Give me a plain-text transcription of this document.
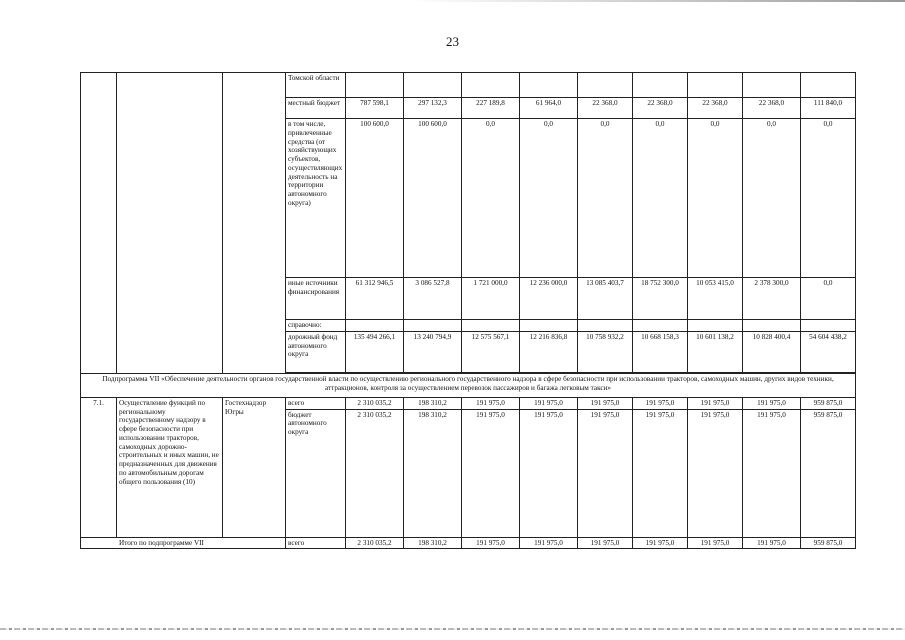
23
			Томской области									
			местный бюджет	787 598,1	297 132,3	227 189,8	61 964,0	22 368,0	22 368,0	22 368,0	22 368,0	111 840,0
			в том числе, привлеченные средства (от хозяйствующих субъектов, осуществляющих деятельность на территории автономного округа)	100 600,0	100 600,0	0,0	0,0	0,0	0,0	0,0	0,0	0,0
			иные источники финансирования	61 312 946,5	3 086 527,8	1 721 000,0	12 236 000,0	13 085 403,7	18 752 300,0	10 053 415,0	2 378 300,0	0,0
			справочно:									
			дорожный фонд автономного округа	135 494 266,1	13 240 794,9	12 575 567,1	12 216 836,8	10 758 932,2	10 668 158,3	10 601 138,2	10 828 400,4	54 604 438,2

Подпрограмма VII «Обеспечение деятельности органов государственной власти по осуществлению регионального государственного надзора в сфере безопасности при использовании тракторов, самоходных машин, других видов техники, аттракционов, контроля за осуществлением перевозок пассажиров и багажа легковым такси»												
7.1.	Осуществление функций по региональному государственному надзору в сфере безопасности при использовании тракторов, самоходных дорожно-строительных и иных машин, не предназначенных для движения по автомобильным дорогам общего пользования (10)	Гостехнадзор Югры	всего	2 310 035,2	198 310,2	191 975,0	191 975,0	191 975,0	191 975,0	191 975,0	191 975,0	959 875,0
			бюджет автономного округа	2 310 035,2	198 310,2	191 975,0	191 975,0	191 975,0	191 975,0	191 975,0	191 975,0	959 875,0
Итого по подпрограмме VII			всего	2 310 035,2	198 310,2	191 975,0	191 975,0	191 975,0	191 975,0	191 975,0	191 975,0	959 875,0
